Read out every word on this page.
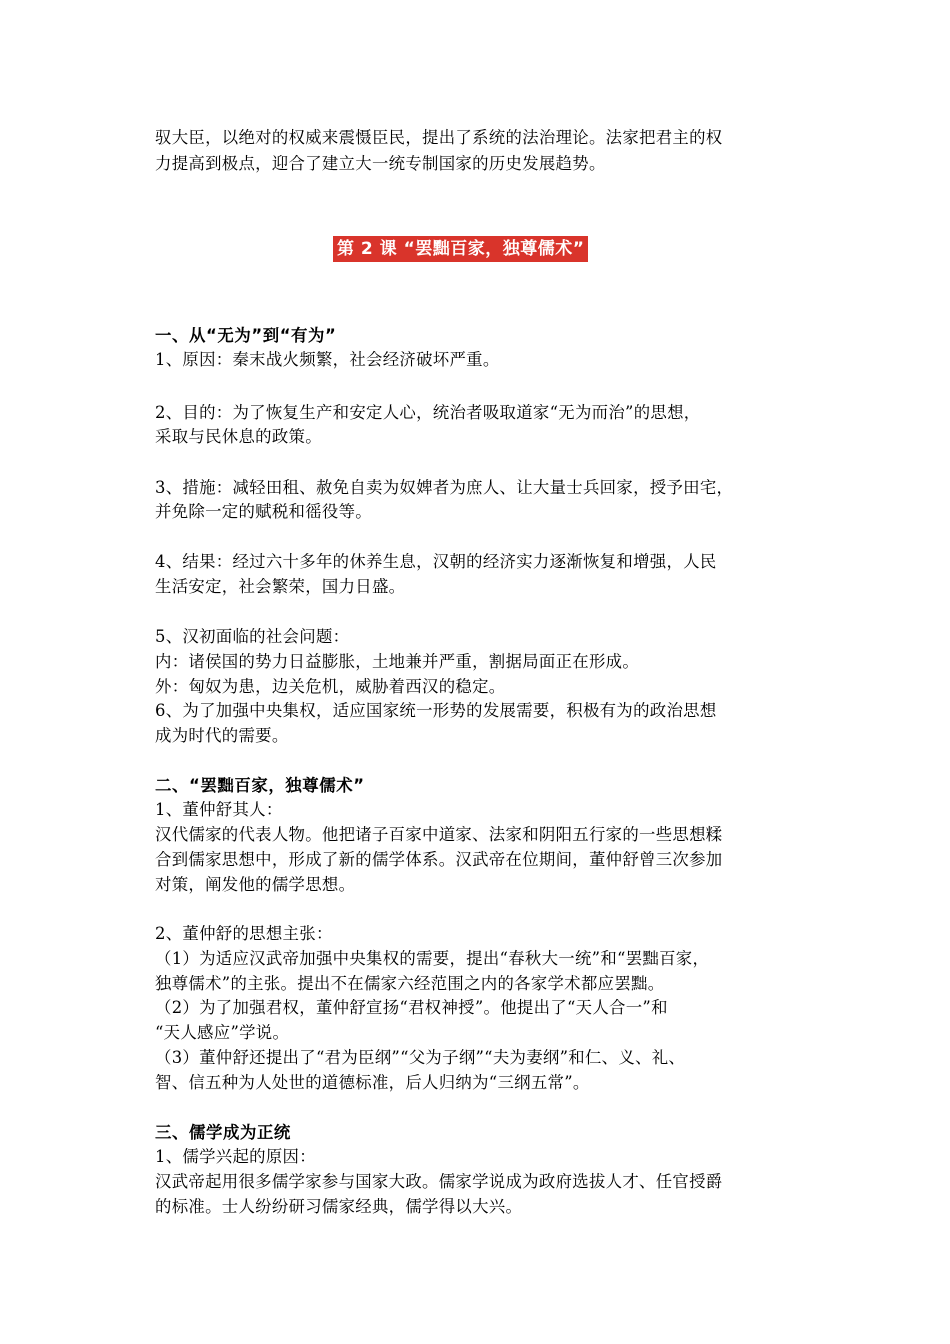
驭大臣，以绝对的权威来震慑臣民，提出了系统的法治理论。法家把君主的权
力提高到极点，迎合了建立大一统专制国家的历史发展趋势。
第 2 课 “罢黜百家，独尊儒术”
一、从“无为”到“有为”
1、原因：秦末战火频繁，社会经济破坏严重。
2、目的：为了恢复生产和安定人心，统治者吸取道家“无为而治”的思想，
采取与民休息的政策。
3、措施：减轻田租、赦免自卖为奴婢者为庶人、让大量士兵回家，授予田宅，
并免除一定的赋税和徭役等。
4、结果：经过六十多年的休养生息，汉朝的经济实力逐渐恢复和增强，人民
生活安定，社会繁荣，国力日盛。
5、汉初面临的社会问题：
内：诸侯国的势力日益膨胀，土地兼并严重，割据局面正在形成。
外：匈奴为患，边关危机，威胁着西汉的稳定。
6、为了加强中央集权，适应国家统一形势的发展需要，积极有为的政治思想
成为时代的需要。
二、“罢黜百家，独尊儒术”
1、董仲舒其人：
汉代儒家的代表人物。他把诸子百家中道家、法家和阴阳五行家的一些思想糅
合到儒家思想中，形成了新的儒学体系。汉武帝在位期间，董仲舒曾三次参加
对策，阐发他的儒学思想。
2、董仲舒的思想主张：
（1）为适应汉武帝加强中央集权的需要，提出“春秋大一统”和“罢黜百家，
独尊儒术”的主张。提出不在儒家六经范围之内的各家学术都应罢黜。
（2）为了加强君权，董仲舒宣扬“君权神授”。他提出了“天人合一”和
“天人感应”学说。
（3）董仲舒还提出了“君为臣纲”“父为子纲”“夫为妻纲”和仁、义、礼、
智、信五种为人处世的道德标准，后人归纳为“三纲五常”。
三、儒学成为正统
1、儒学兴起的原因：
汉武帝起用很多儒学家参与国家大政。儒家学说成为政府选拔人才、任官授爵
的标准。士人纷纷研习儒家经典，儒学得以大兴。
